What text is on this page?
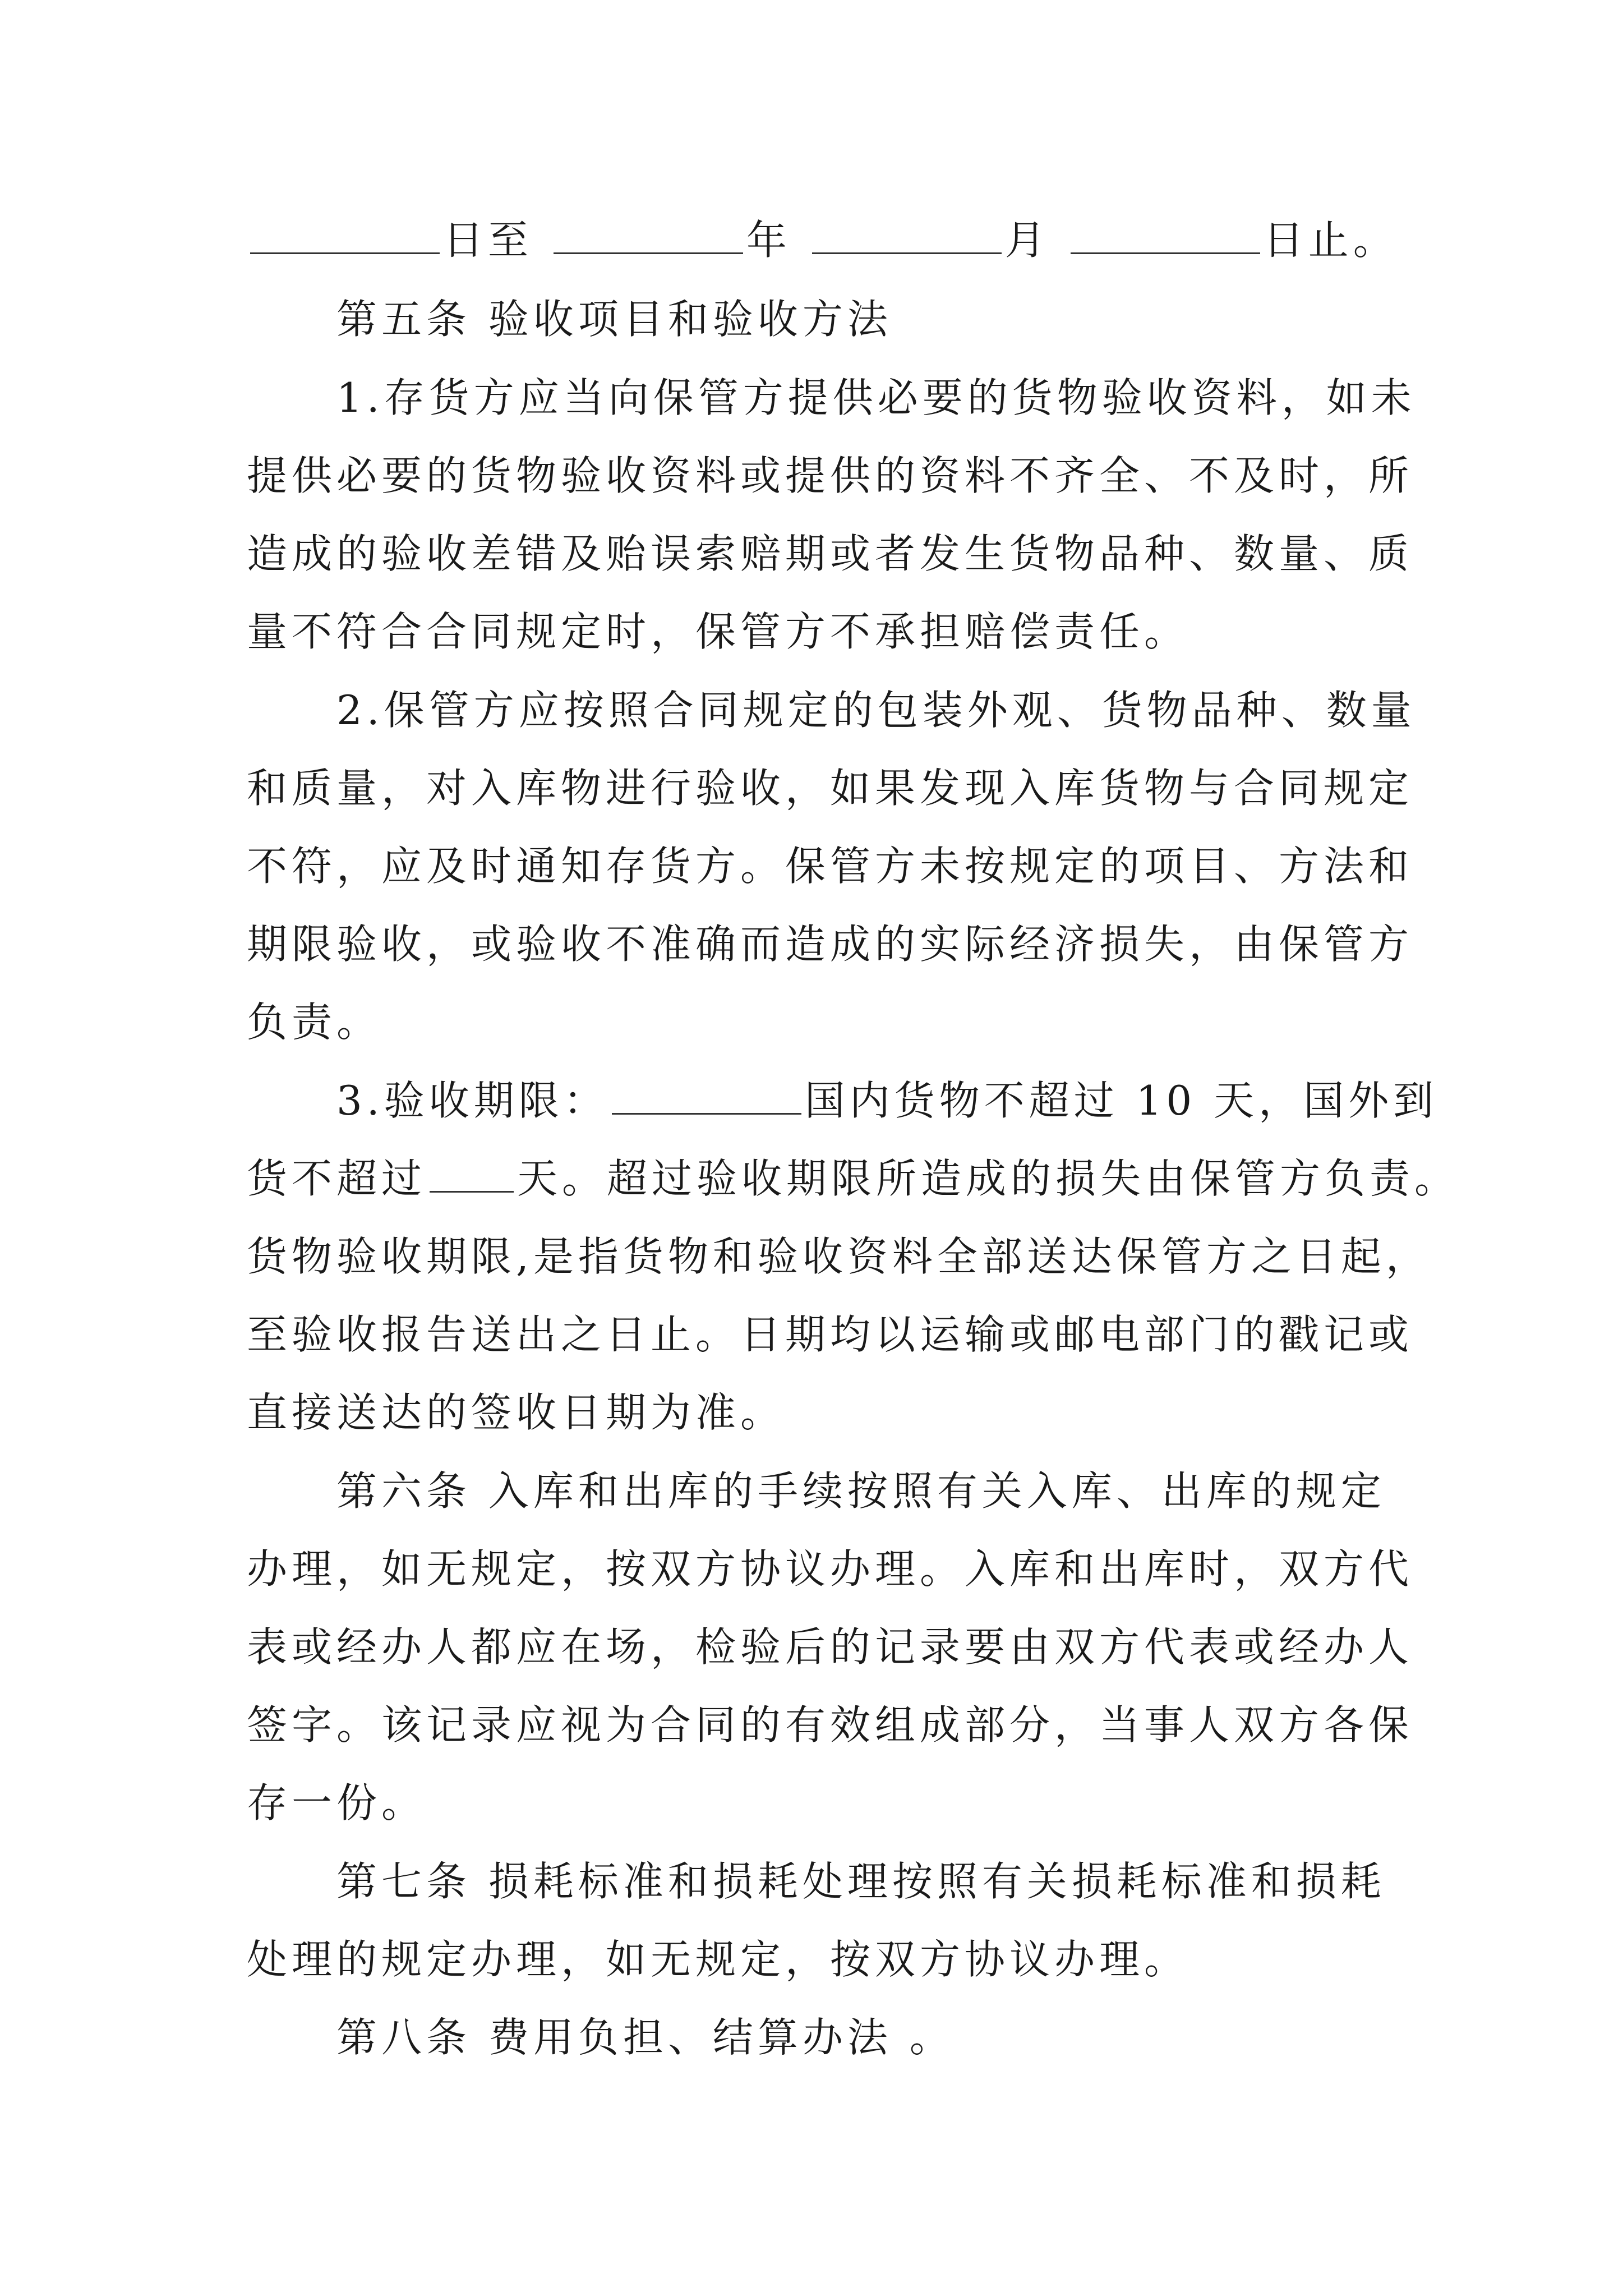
日至	年	月	日止。
第五条 验收项目和验收方法
1.存货方应当向保管方提供必要的货物验收资料，如未
提供必要的货物验收资料或提供的资料不齐全、不及时，所
造成的验收差错及贻误索赔期或者发生货物品种、数量、质
量不符合合同规定时，保管方不承担赔偿责任。
2.保管方应按照合同规定的包装外观、货物品种、数量
和质量，对入库物进行验收，如果发现入库货物与合同规定
不符，应及时通知存货方。保管方未按规定的项目、方法和
期限验收，或验收不准确而造成的实际经济损失，由保管方
负责。
3.验收期限：	国内货物不超过 10 天，国外到
货不超过 天。超过验收期限所造成的损失由保管方负责。
货物验收期限,是指货物和验收资料全部送达保管方之日起，
至验收报告送出之日止。日期均以运输或邮电部门的戳记或
直接送达的签收日期为准。
第六条 入库和出库的手续按照有关入库、出库的规定
办理，如无规定，按双方协议办理。入库和出库时，双方代
表或经办人都应在场，检验后的记录要由双方代表或经办人
签字。该记录应视为合同的有效组成部分，当事人双方各保
存一份。
第七条 损耗标准和损耗处理按照有关损耗标准和损耗
处理的规定办理，如无规定，按双方协议办理。
第八条 费用负担、结算办法 。
